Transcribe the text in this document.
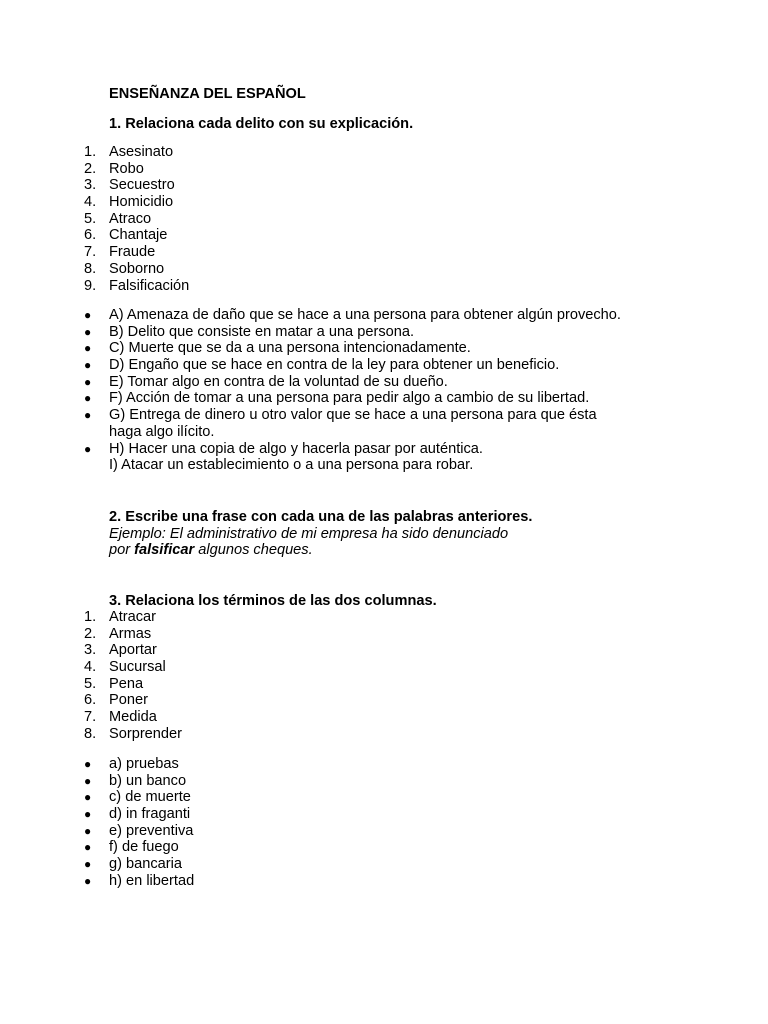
ENSEÑANZA DEL ESPAÑOL
1. Relaciona cada delito con su explicación.
1. Asesinato
2. Robo
3. Secuestro
4. Homicidio
5. Atraco
6. Chantaje
7. Fraude
8. Soborno
9. Falsificación
● A) Amenaza de daño que se hace a una persona para obtener algún provecho.
● B) Delito que consiste en matar a una persona.
● C) Muerte que se da a una persona intencionadamente.
● D) Engaño que se hace en contra de la ley para obtener un beneficio.
● E) Tomar algo en contra de la voluntad de su dueño.
● F) Acción de tomar a una persona para pedir algo a cambio de su libertad.
● G) Entrega de dinero u otro valor que se hace a una persona para que ésta
haga algo ilícito.
● H) Hacer una copia de algo y hacerla pasar por auténtica.
I) Atacar un establecimiento o a una persona para robar.
2. Escribe una frase con cada una de las palabras anteriores.
Ejemplo: El administrativo de mi empresa ha sido denunciado
por falsificar algunos cheques.
3. Relaciona los términos de las dos columnas.
1. Atracar
2. Armas
3. Aportar
4. Sucursal
5. Pena
6. Poner
7. Medida
8. Sorprender
● a) pruebas
● b) un banco
● c) de muerte
● d) in fraganti
● e) preventiva
● f) de fuego
● g) bancaria
● h) en libertad
